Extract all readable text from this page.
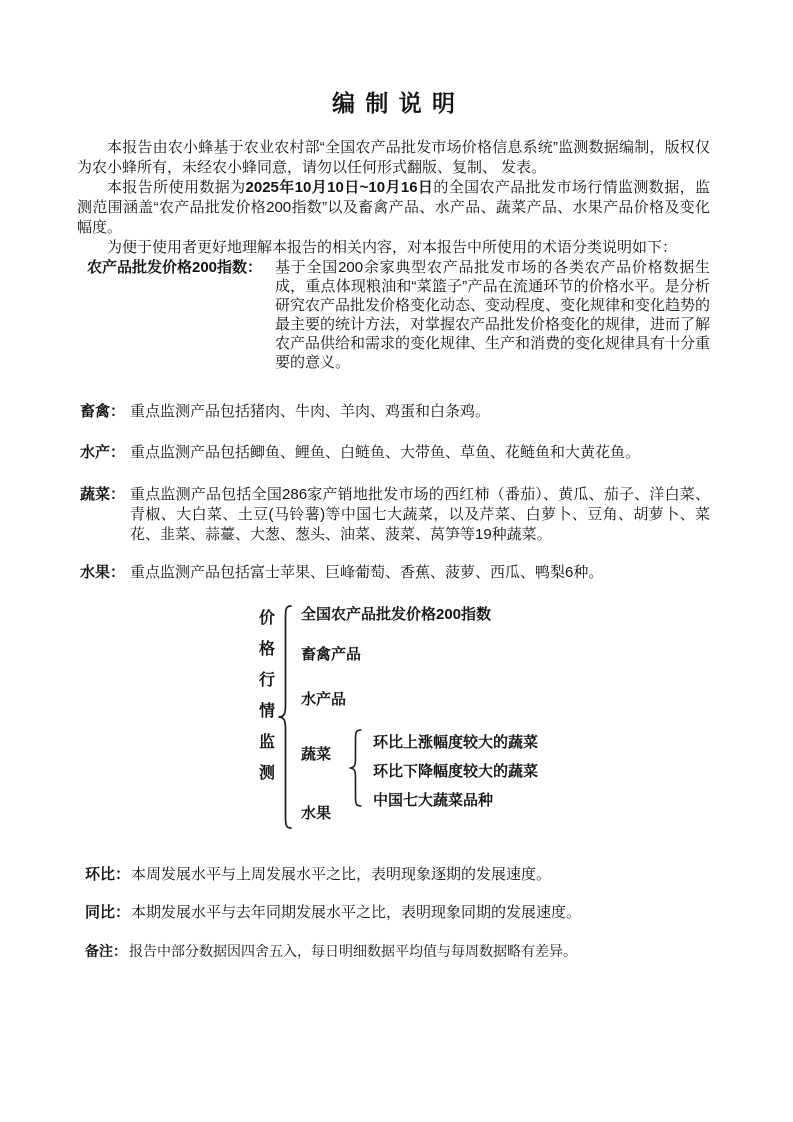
编制说明

本报告由农小蜂基于农业农村部“全国农产品批发市场价格信息系统”监测数据编制，版权仅为农小蜂所有，未经农小蜂同意，请勿以任何形式翻版、复制、 发表。

本报告所使用数据为2025年10月10日~10月16日的全国农产品批发市场行情监测数据，监测范围涵盖“农产品批发价格200指数”以及畜禽产品、水产品、蔬菜产品、水果产品价格及变化幅度。

为便于使用者更好地理解本报告的相关内容，对本报告中所使用的术语分类说明如下：

农产品批发价格200指数： 基于全国200余家典型农产品批发市场的各类农产品价格数据生成，重点体现粮油和“菜篮子”产品在流通环节的价格水平。是分析研究农产品批发价格变化动态、变动程度、变化规律和变化趋势的最主要的统计方法，对掌握农产品批发价格变化的规律，进而了解农产品供给和需求的变化规律、生产和消费的变化规律具有十分重要的意义。
畜禽： 重点监测产品包括猪肉、牛肉、羊肉、鸡蛋和白条鸡。
水产： 重点监测产品包括鲫鱼、鲤鱼、白鲢鱼、大带鱼、草鱼、花鲢鱼和大黄花鱼。
蔬菜： 重点监测产品包括全国286家产销地批发市场的西红柿（番茄）、黄瓜、茄子、洋白菜、青椒、大白菜、土豆(马铃薯)等中国七大蔬菜，以及芹菜、白萝卜、豆角、胡萝卜、菜花、韭菜、蒜薹、大葱、葱头、油菜、菠菜、莴笋等19种蔬菜。
水果： 重点监测产品包括富士苹果、巨峰葡萄、香蕉、菠萝、西瓜、鸭梨6种。
价
格
行
情
监
测
全国农产品批发价格200指数
畜禽产品
水产品
蔬菜
水果
环比上涨幅度较大的蔬菜
环比下降幅度较大的蔬菜
中国七大蔬菜品种
环比： 本周发展水平与上周发展水平之比，表明现象逐期的发展速度。
同比： 本期发展水平与去年同期发展水平之比，表明现象同期的发展速度。
备注： 报告中部分数据因四舍五入，每日明细数据平均值与每周数据略有差异。
